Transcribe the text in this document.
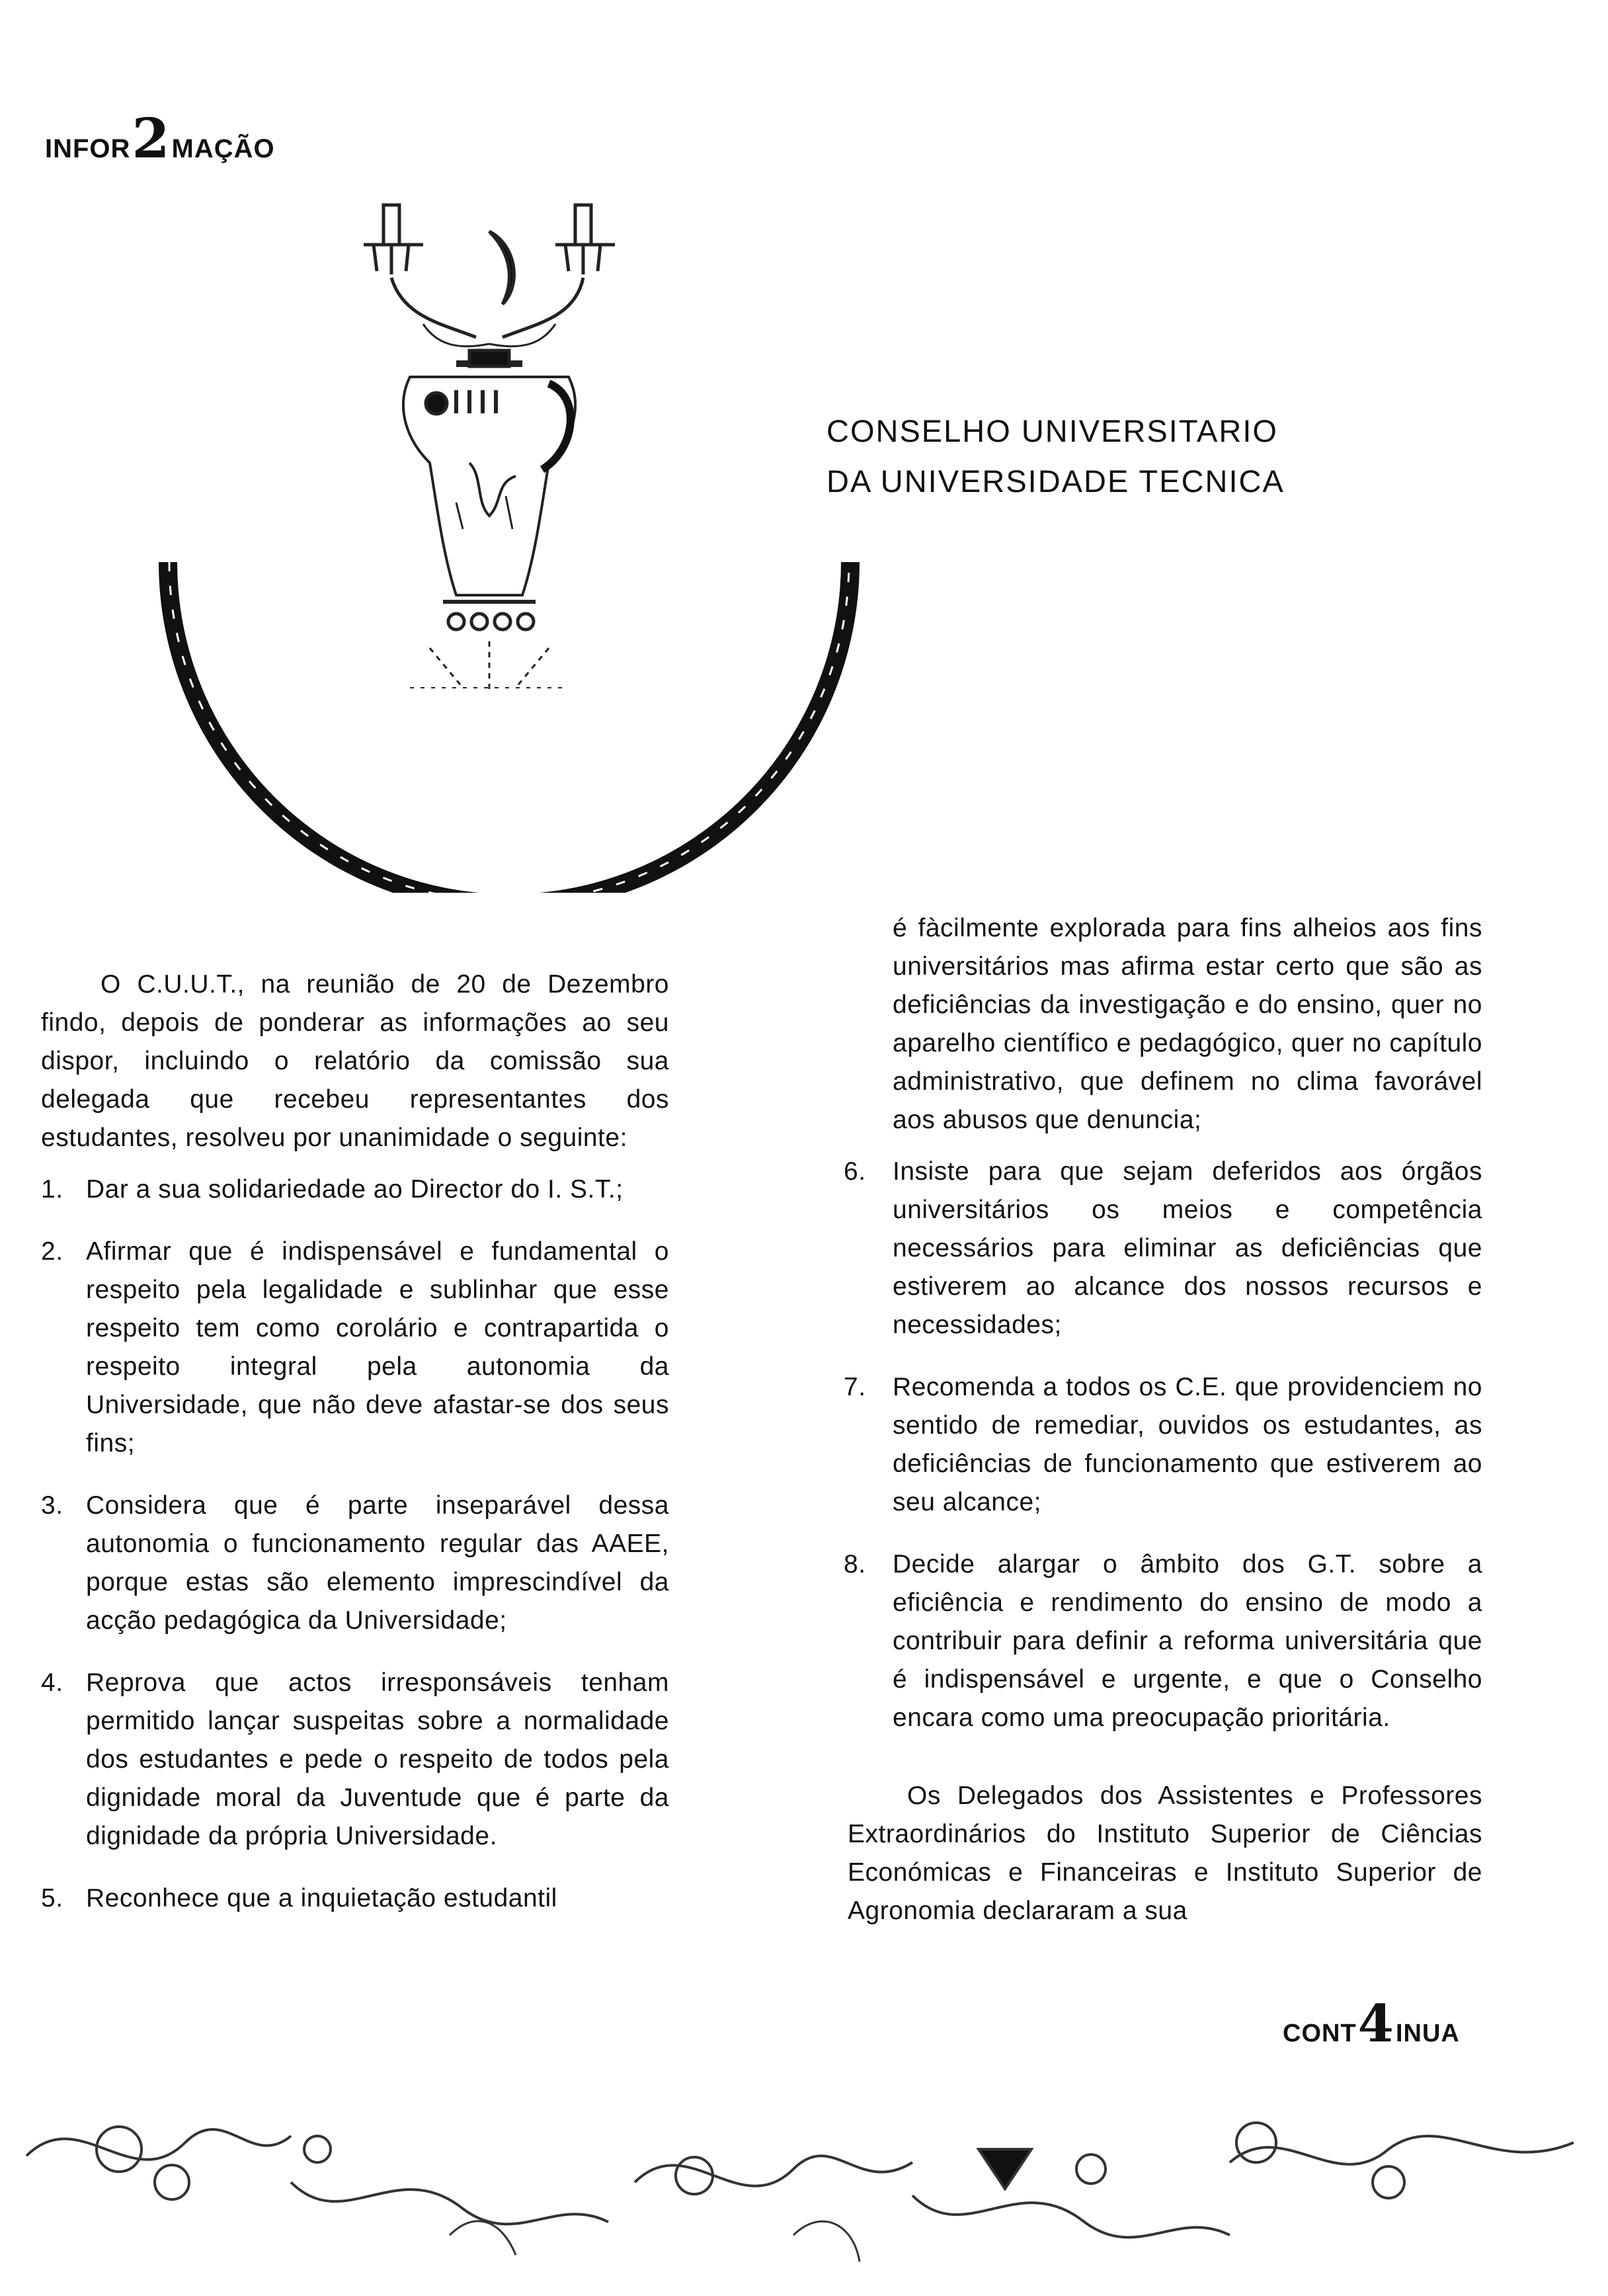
INFOR 2 MAÇÃO
CONSELHO UNIVERSITARIO
DA UNIVERSIDADE TECNICA

O C.U.U.T., na reunião de 20 de Dezembro findo, depois de ponderar as informações ao seu dispor, incluindo o relatório da comissão sua delegada que recebeu representantes dos estudantes, resolveu por unanimidade o seguinte:

1. Dar a sua solidariedade ao Director do I. S.T.;
2. Afirmar que é indispensável e fundamental o respeito pela legalidade e sublinhar que esse respeito tem como corolário e contrapartida o respeito integral pela autonomia da Universidade, que não deve afastar-se dos seus fins;
3. Considera que é parte inseparável dessa autonomia o funcionamento regular das AAEE, porque estas são elemento imprescindível da acção pedagógica da Universidade;
4. Reprova que actos irresponsáveis tenham permitido lançar suspeitas sobre a normalidade dos estudantes e pede o respeito de todos pela dignidade moral da Juventude que é parte da dignidade da própria Universidade.
5. Reconhece que a inquietação estudantil

é fàcilmente explorada para fins alheios aos fins universitários mas afirma estar certo que são as deficiências da investigação e do ensino, quer no aparelho científico e pedagógico, quer no capítulo administrativo, que definem no clima favorável aos abusos que denuncia;

6. Insiste para que sejam deferidos aos órgãos universitários os meios e competência necessários para eliminar as deficiências que estiverem ao alcance dos nossos recursos e necessidades;
7. Recomenda a todos os C.E. que providenciem no sentido de remediar, ouvidos os estudantes, as deficiências de funcionamento que estiverem ao seu alcance;
8. Decide alargar o âmbito dos G.T. sobre a eficiência e rendimento do ensino de modo a contribuir para definir a reforma universitária que é indispensável e urgente, e que o Conselho encara como uma preocupação prioritária.

Os Delegados dos Assistentes e Professores Extraordinários do Instituto Superior de Ciências Económicas e Financeiras e Instituto Superior de Agronomia declararam a sua

CONT 4 INUA
